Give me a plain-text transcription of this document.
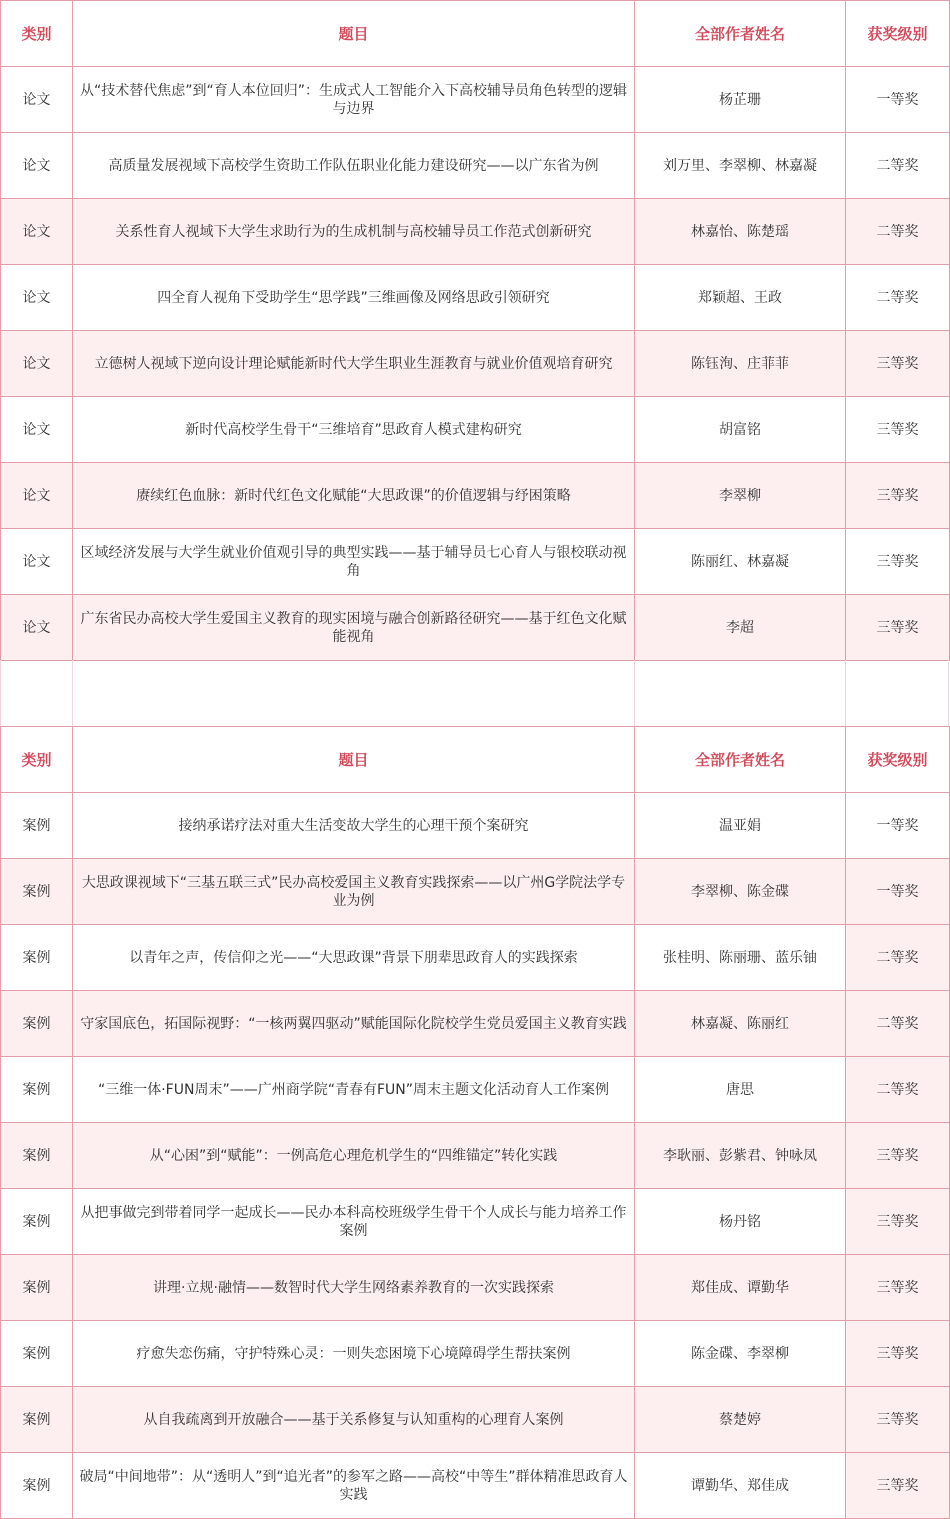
类别	题目	全部作者姓名	获奖级别
论文	从“技术替代焦虑”到“育人本位回归”：生成式人工智能介入下高校辅导员角色转型的逻辑与边界	杨芷珊	一等奖
论文	高质量发展视域下高校学生资助工作队伍职业化能力建设研究——以广东省为例	刘万里、李翠柳、林嘉凝	二等奖
论文	关系性育人视域下大学生求助行为的生成机制与高校辅导员工作范式创新研究	林嘉怡、陈楚瑶	二等奖
论文	四全育人视角下受助学生“思学践”三维画像及网络思政引领研究	郑颖超、王政	二等奖
论文	立德树人视域下逆向设计理论赋能新时代大学生职业生涯教育与就业价值观培育研究	陈钰洵、庄菲菲	三等奖
论文	新时代高校学生骨干“三维培育”思政育人模式建构研究	胡富铭	三等奖
论文	赓续红色血脉：新时代红色文化赋能“大思政课”的价值逻辑与纾困策略	李翠柳	三等奖
论文	区域经济发展与大学生就业价值观引导的典型实践——基于辅导员七心育人与银校联动视角	陈丽红、林嘉凝	三等奖
论文	广东省民办高校大学生爱国主义教育的现实困境与融合创新路径研究——基于红色文化赋能视角	李超	三等奖
类别	题目	全部作者姓名	获奖级别
案例	接纳承诺疗法对重大生活变故大学生的心理干预个案研究	温亚娟	一等奖
案例	大思政课视域下“三基五联三式”民办高校爱国主义教育实践探索——以广州G学院法学专业为例	李翠柳、陈金碟	一等奖
案例	以青年之声，传信仰之光——“大思政课”背景下朋辈思政育人的实践探索	张桂明、陈丽珊、蓝乐铀	二等奖
案例	守家国底色，拓国际视野：“一核两翼四驱动”赋能国际化院校学生党员爱国主义教育实践	林嘉凝、陈丽红	二等奖
案例	“三维一体·FUN周末”——广州商学院“青春有FUN”周末主题文化活动育人工作案例	唐思	二等奖
案例	从“心困”到“赋能”：一例高危心理危机学生的“四维锚定”转化实践	李耿丽、彭紫君、钟咏凤	三等奖
案例	从把事做完到带着同学一起成长——民办本科高校班级学生骨干个人成长与能力培养工作案例	杨丹铭	三等奖
案例	讲理·立规·融情——数智时代大学生网络素养教育的一次实践探索	郑佳成、谭勤华	三等奖
案例	疗愈失恋伤痛，守护特殊心灵：一则失恋困境下心境障碍学生帮扶案例	陈金碟、李翠柳	三等奖
案例	从自我疏离到开放融合——基于关系修复与认知重构的心理育人案例	蔡楚婷	三等奖
案例	破局“中间地带”：从“透明人”到“追光者”的参军之路——高校“中等生”群体精准思政育人实践	谭勤华、郑佳成	三等奖
